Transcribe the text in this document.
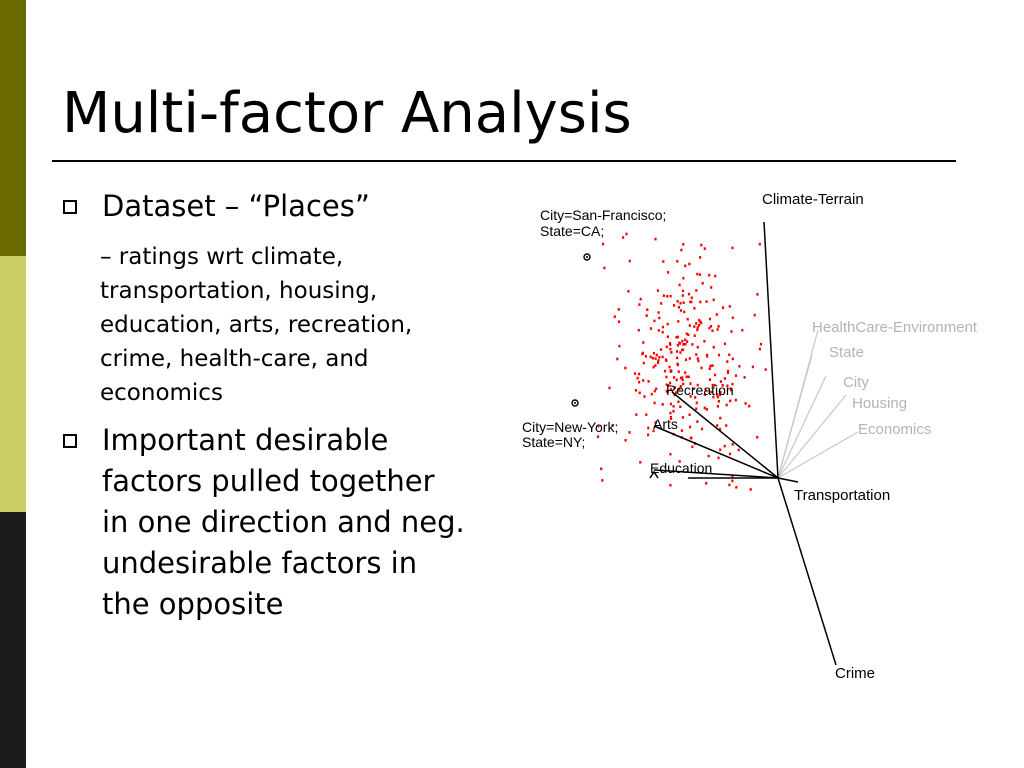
Multi-factor Analysis
Dataset – “Places”
– ratings wrt climate,
transportation, housing,
education, arts, recreation,
crime, health-care, and
economics
Important desirable
factors pulled together
in one direction and neg.
undesirable factors in
the opposite
City=San-Francisco;
State=CA;
City=New-York;
State=NY;
Climate-Terrain
Recreation
Arts
Education
Transportation
Crime
HealthCare-Environment
State
City
Housing
Economics
